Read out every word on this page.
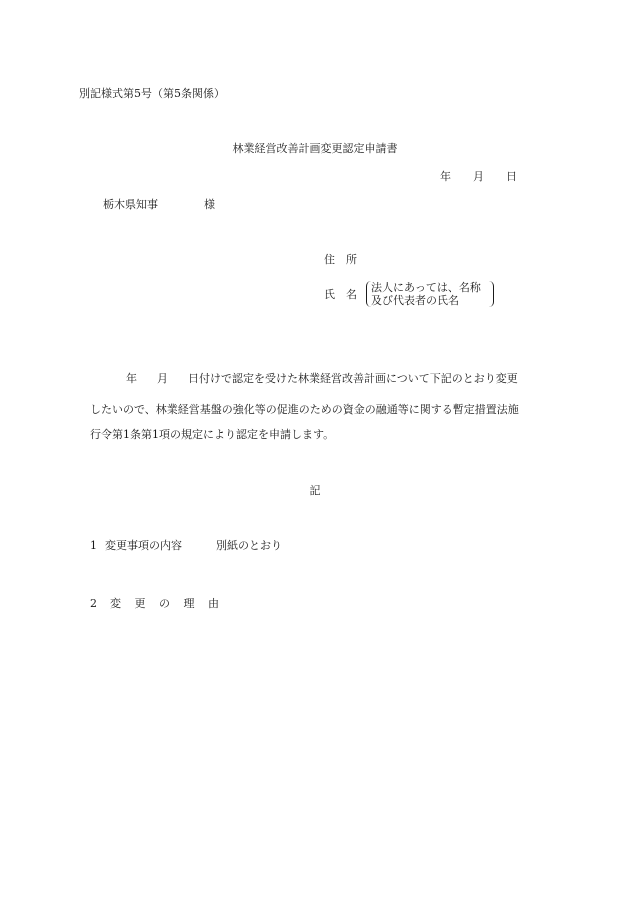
別記様式第5号（第5条関係）
林業経営改善計画変更認定申請書
年　　月　　日
栃木県知事	様
住　所
氏　名
法人にあっては、名称
及び代表者の氏名
年 月 日付けで認定を受けた林業経営改善計画について下記のとおり変更
したいので、林業経営基盤の強化等の促進のための資金の融通等に関する暫定措置法施
行令第1条第1項の規定により認定を申請します。
記
1 変更事項の内容	別紙のとおり
2 変 更 の 理 由
